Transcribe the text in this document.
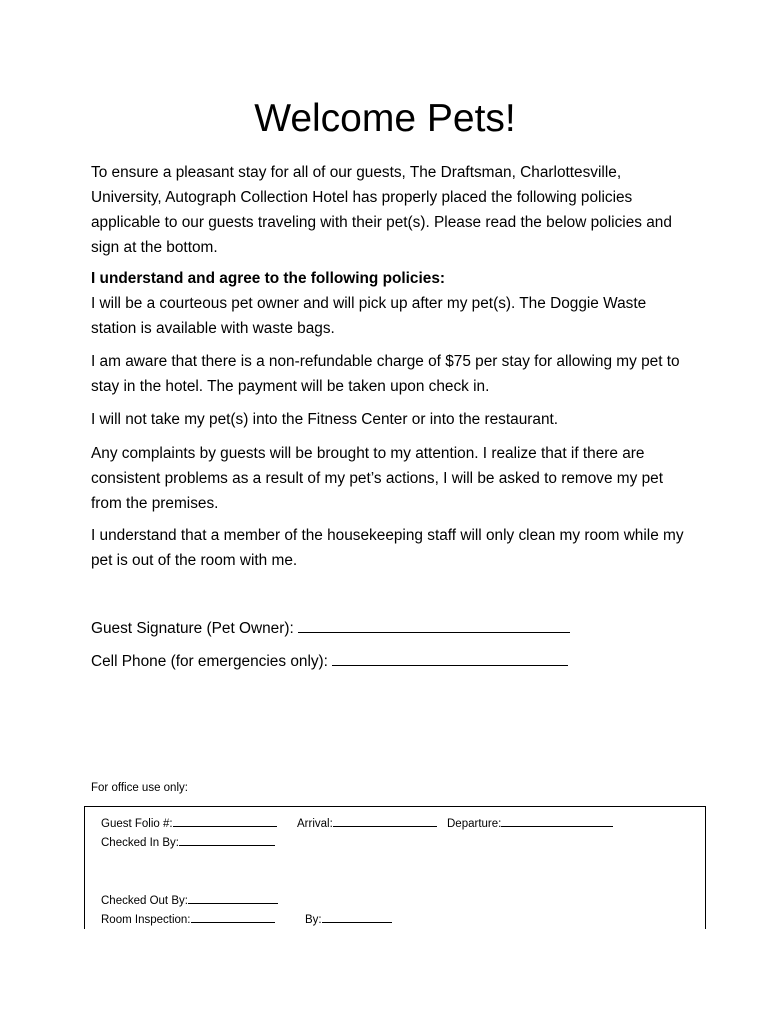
Welcome Pets!

To ensure a pleasant stay for all of our guests, The Draftsman, Charlottesville, University, Autograph Collection Hotel has properly placed the following policies applicable to our guests traveling with their pet(s). Please read the below policies and sign at the bottom.

I understand and agree to the following policies:

I will be a courteous pet owner and will pick up after my pet(s). The Doggie Waste station is available with waste bags.

I am aware that there is a non-refundable charge of $75 per stay for allowing my pet to stay in the hotel. The payment will be taken upon check in.

I will not take my pet(s) into the Fitness Center or into the restaurant.

Any complaints by guests will be brought to my attention. I realize that if there are consistent problems as a result of my pet’s actions, I will be asked to remove my pet from the premises.

I understand that a member of the housekeeping staff will only clean my room while my pet is out of the room with me.

Guest Signature (Pet Owner):
Cell Phone (for emergencies only):
For office use only:
Guest Folio #:	Arrival:	Departure:
Checked In By:
Checked Out By:
Room Inspection:	By:
